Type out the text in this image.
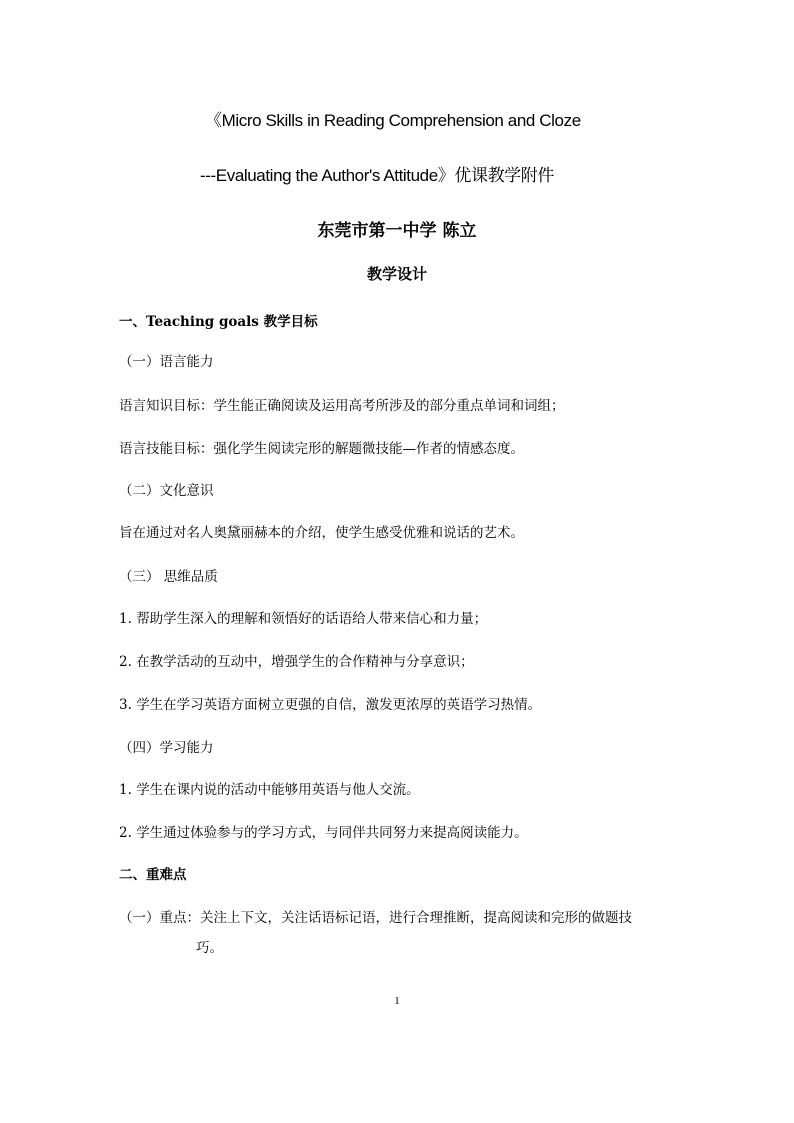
《Micro Skills in Reading Comprehension and Cloze
---Evaluating the Author's Attitude》优课教学附件
东莞市第一中学 陈立
教学设计
一、Teaching goals 教学目标
（一）语言能力
语言知识目标：学生能正确阅读及运用高考所涉及的部分重点单词和词组；
语言技能目标：强化学生阅读完形的解题微技能—作者的情感态度。
（二）文化意识
旨在通过对名人奥黛丽赫本的介绍，使学生感受优雅和说话的艺术。
（三） 思维品质
1. 帮助学生深入的理解和领悟好的话语给人带来信心和力量；
2. 在教学活动的互动中，增强学生的合作精神与分享意识；
3. 学生在学习英语方面树立更强的自信，激发更浓厚的英语学习热情。
（四）学习能力
1. 学生在课内说的活动中能够用英语与他人交流。
2. 学生通过体验参与的学习方式，与同伴共同努力来提高阅读能力。
二、重难点
（一）重点：关注上下文，关注话语标记语，进行合理推断，提高阅读和完形的做题技
巧。
1
